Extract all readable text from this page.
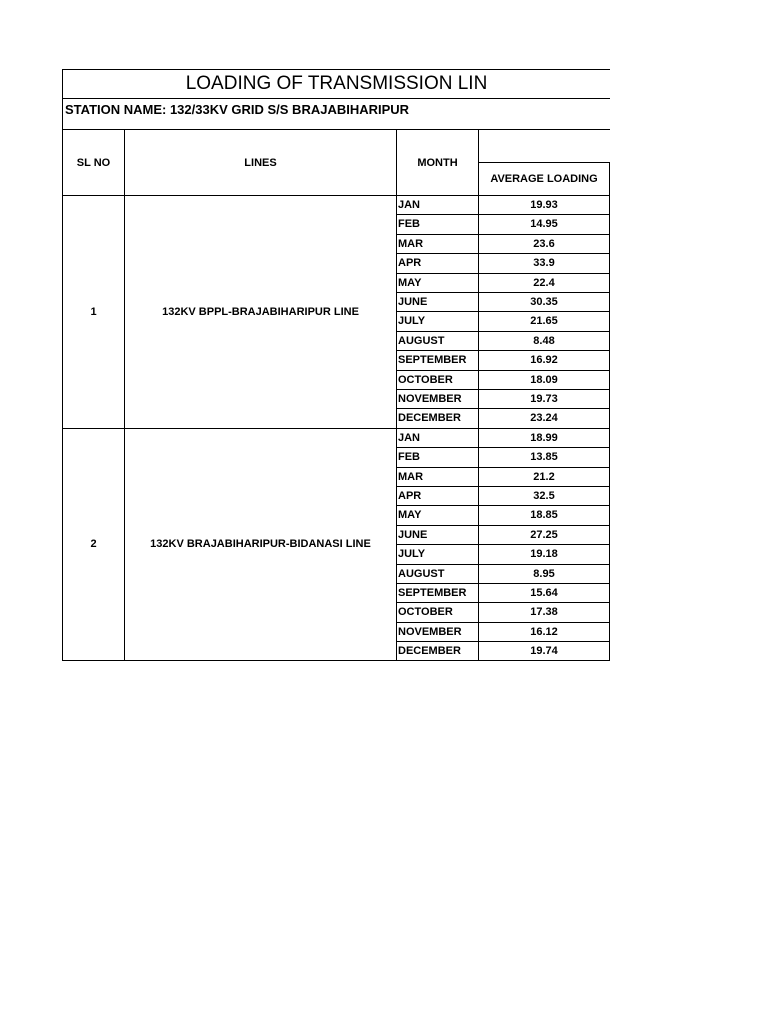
LOADING OF TRANSMISSION LIN
STATION NAME: 132/33KV GRID S/S BRAJABIHARIPUR
SL NO	LINES	MONTH
AVERAGE LOADING
1	132KV BPPL-BRAJABIHARIPUR LINE
JAN	19.93
FEB	14.95
MAR	23.6
APR	33.9
MAY	22.4
JUNE	30.35
JULY	21.65
AUGUST	8.48
SEPTEMBER	16.92
OCTOBER	18.09
NOVEMBER	19.73
DECEMBER	23.24
2	132KV BRAJABIHARIPUR-BIDANASI LINE
JAN	18.99
FEB	13.85
MAR	21.2
APR	32.5
MAY	18.85
JUNE	27.25
JULY	19.18
AUGUST	8.95
SEPTEMBER	15.64
OCTOBER	17.38
NOVEMBER	16.12
DECEMBER	19.74
